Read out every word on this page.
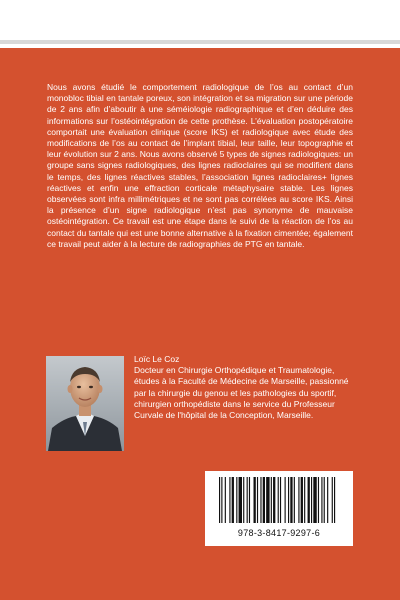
Nous avons étudié le comportement radiologique de l’os au contact d’un monobloc tibial en tantale poreux, son intégration et sa migration sur une période de 2 ans afin d’aboutir à une séméiologie radiographique et d’en déduire des informations sur l’ostéointégration de cette prothèse. L’évaluation postopératoire comportait une évaluation clinique (score IKS) et radiologique avec étude des modifications de l’os au contact de l’implant tibial, leur taille, leur topographie et leur évolution sur 2 ans. Nous avons observé 5 types de signes radiologiques: un groupe sans signes radiologiques, des lignes radioclaires qui se modifient dans le temps, des lignes réactives stables, l’association lignes radioclaires+ lignes réactives et enfin une effraction corticale métaphysaire stable. Les lignes observées sont infra millimétriques et ne sont pas corrélées au score IKS. Ainsi la présence d’un signe radiologique n’est pas synonyme de mauvaise ostéointégration. Ce travail est une étape dans le suivi de la réaction de l’os au contact du tantale qui est une bonne alternative à la fixation cimentée; également ce travail peut aider à la lecture de radiographies de PTG en tantale.

Loïc Le Coz
Docteur en Chirurgie Orthopédique et Traumatologie, études à la Faculté de Médecine de Marseille, passionné par la chirurgie du genou et les pathologies du sportif, chirurgien orthopédiste dans le service du Professeur Curvale de l'hôpital de la Conception, Marseille.

978-3-8417-9297-6
